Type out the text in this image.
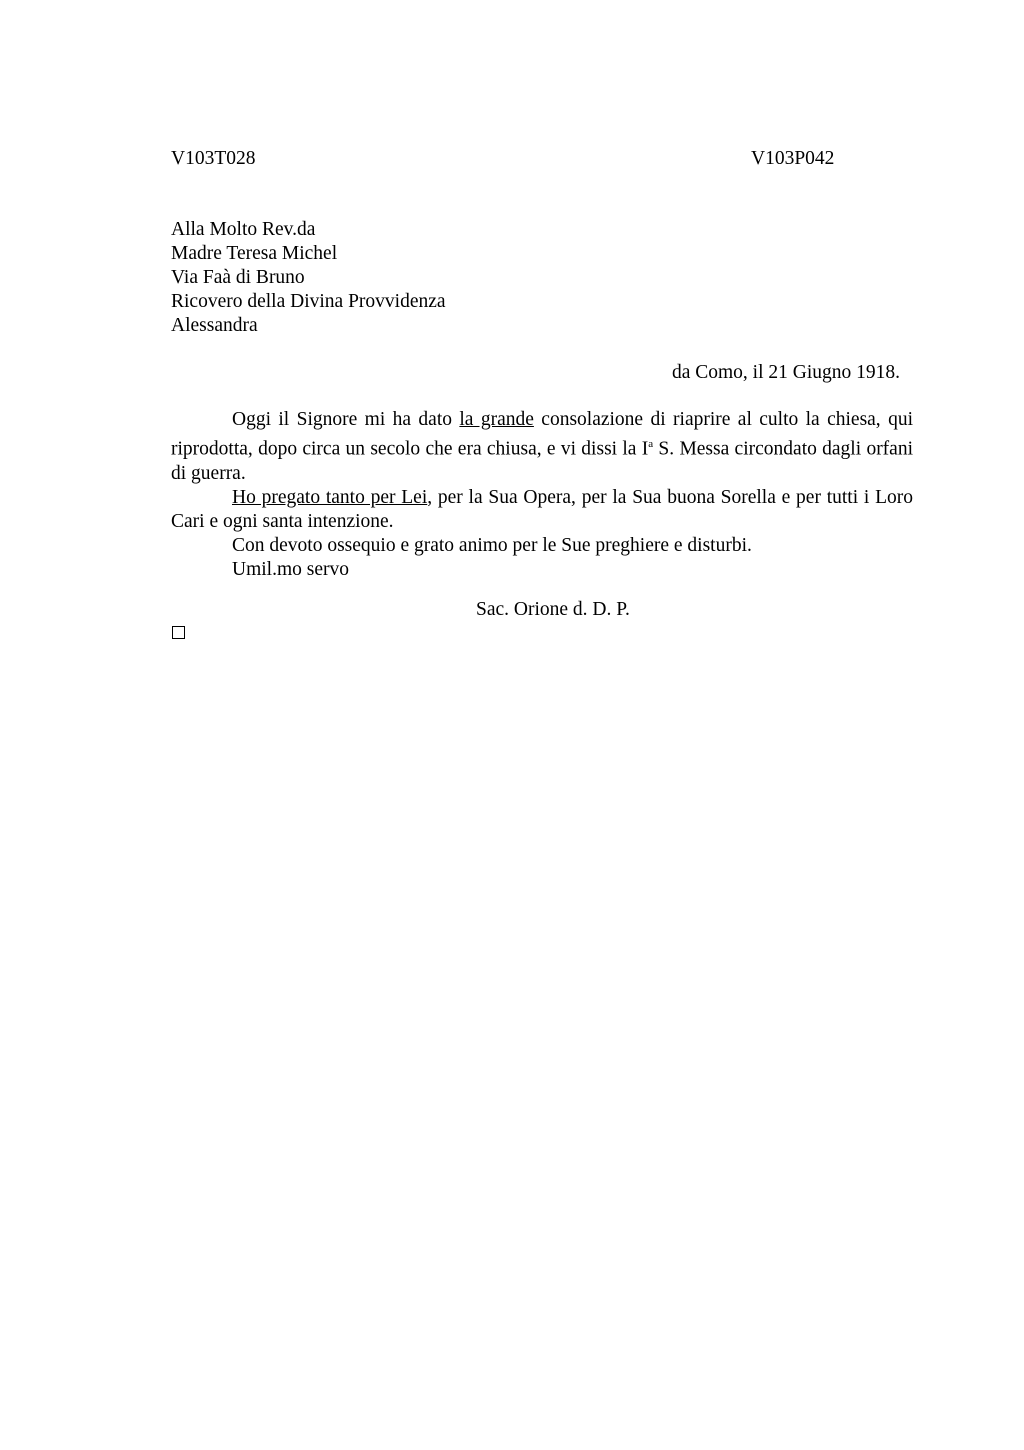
V103T028	V103P042
Alla Molto Rev.da
Madre Teresa Michel
Via Faà di Bruno
Ricovero della Divina Provvidenza
Alessandra
da Como, il 21 Giugno 1918.

Oggi il Signore mi ha dato la grande consolazione di riaprire al culto la chiesa, qui riprodotta, dopo circa un secolo che era chiusa, e vi dissi la $I^a$ S. Messa circondato dagli orfani di guerra.

Ho pregato tanto per Lei, per la Sua Opera, per la Sua buona Sorella e per tutti i Loro Cari e ogni santa intenzione.

Con devoto ossequio e grato animo per le Sue preghiere e disturbi.

Umil.mo servo

Sac. Orione d. D. P.
